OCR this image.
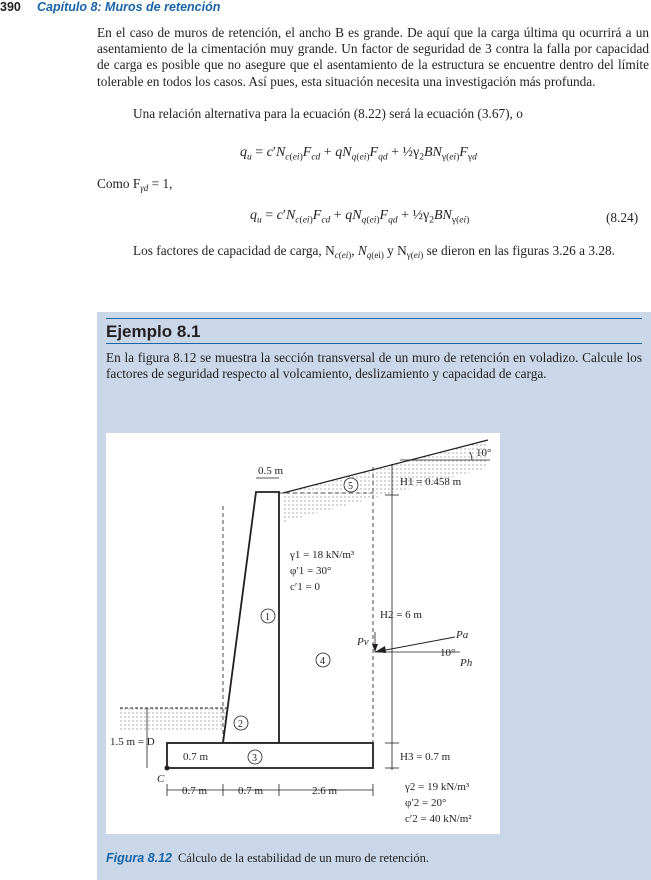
390 Capítulo 8: Muros de retención
En el caso de muros de retención, el ancho B es grande. De aquí que la carga última qu ocurrirá a un asentamiento de la cimentación muy grande. Un factor de seguridad de 3 contra la falla por capacidad de carga es posible que no asegure que el asentamiento de la estructura se encuentre dentro del límite tolerable en todos los casos. Así pues, esta situación necesita una investigación más profunda.
Una relación alternativa para la ecuación (8.22) será la ecuación (3.67), o
$q_u = c'N_{c(ei)}F_{cd} + qN_{q(ei)}F_{qd}$ + $\frac{1}{2}\gamma_2BN_{\gamma(ei)}F_{\gamma d}$
Como $F_{\gamma d} = 1$,
$q_u = c'N_{c(ei)}F_{cd} + qN_{q(ei)}F_{qd}$ + $\frac{1}{2}\gamma_2BN_{\gamma(ei)}$	(8.24)
Los factores de capacidad de carga, $N_{c(ei)}$, $N_{q(ei)}$ y $N_{\gamma(ei)}$ se dieron en las figuras 3.26 a 3.28.
Ejemplo 8.1
En la figura 8.12 se muestra la sección transversal de un muro de retención en voladizo. Calcule los factores de seguridad respecto al volcamiento, deslizamiento y capacidad de carga.
10°
0.5 m
H1 = 0.458 m
γ1 = 18 kN/m³
φ′1 = 30°
c′1 = 0
H2 = 6 m
Pa
Pv
10°
Ph
1.5 m = D
0.7 m	H3 = 0.7 m
C
0.7 m	0.7 m	2.6 m	γ2 = 19 kN/m³
φ′2 = 20°
c′2 = 40 kN/m²
1
2
3
4
5
Figura 8.12 Cálculo de la estabilidad de un muro de retención.
